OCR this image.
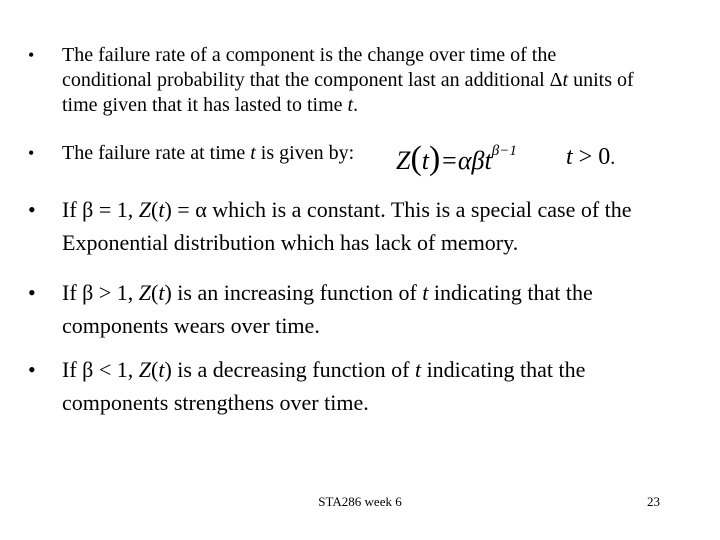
• The failure rate of a component is the change over time of the
conditional probability that the component last an additional Δt units of
time given that it has lasted to time t.
• The failure rate at time t is given by: Z(t)=αβtβ−1 t > 0.
• If β = 1, Z(t) = α which is a constant. This is a special case of the
Exponential distribution which has lack of memory.
• If β > 1, Z(t) is an increasing function of t indicating that the
components wears over time.
• If β < 1, Z(t) is a decreasing function of t indicating that the
components strengthens over time.
STA286 week 6	23
